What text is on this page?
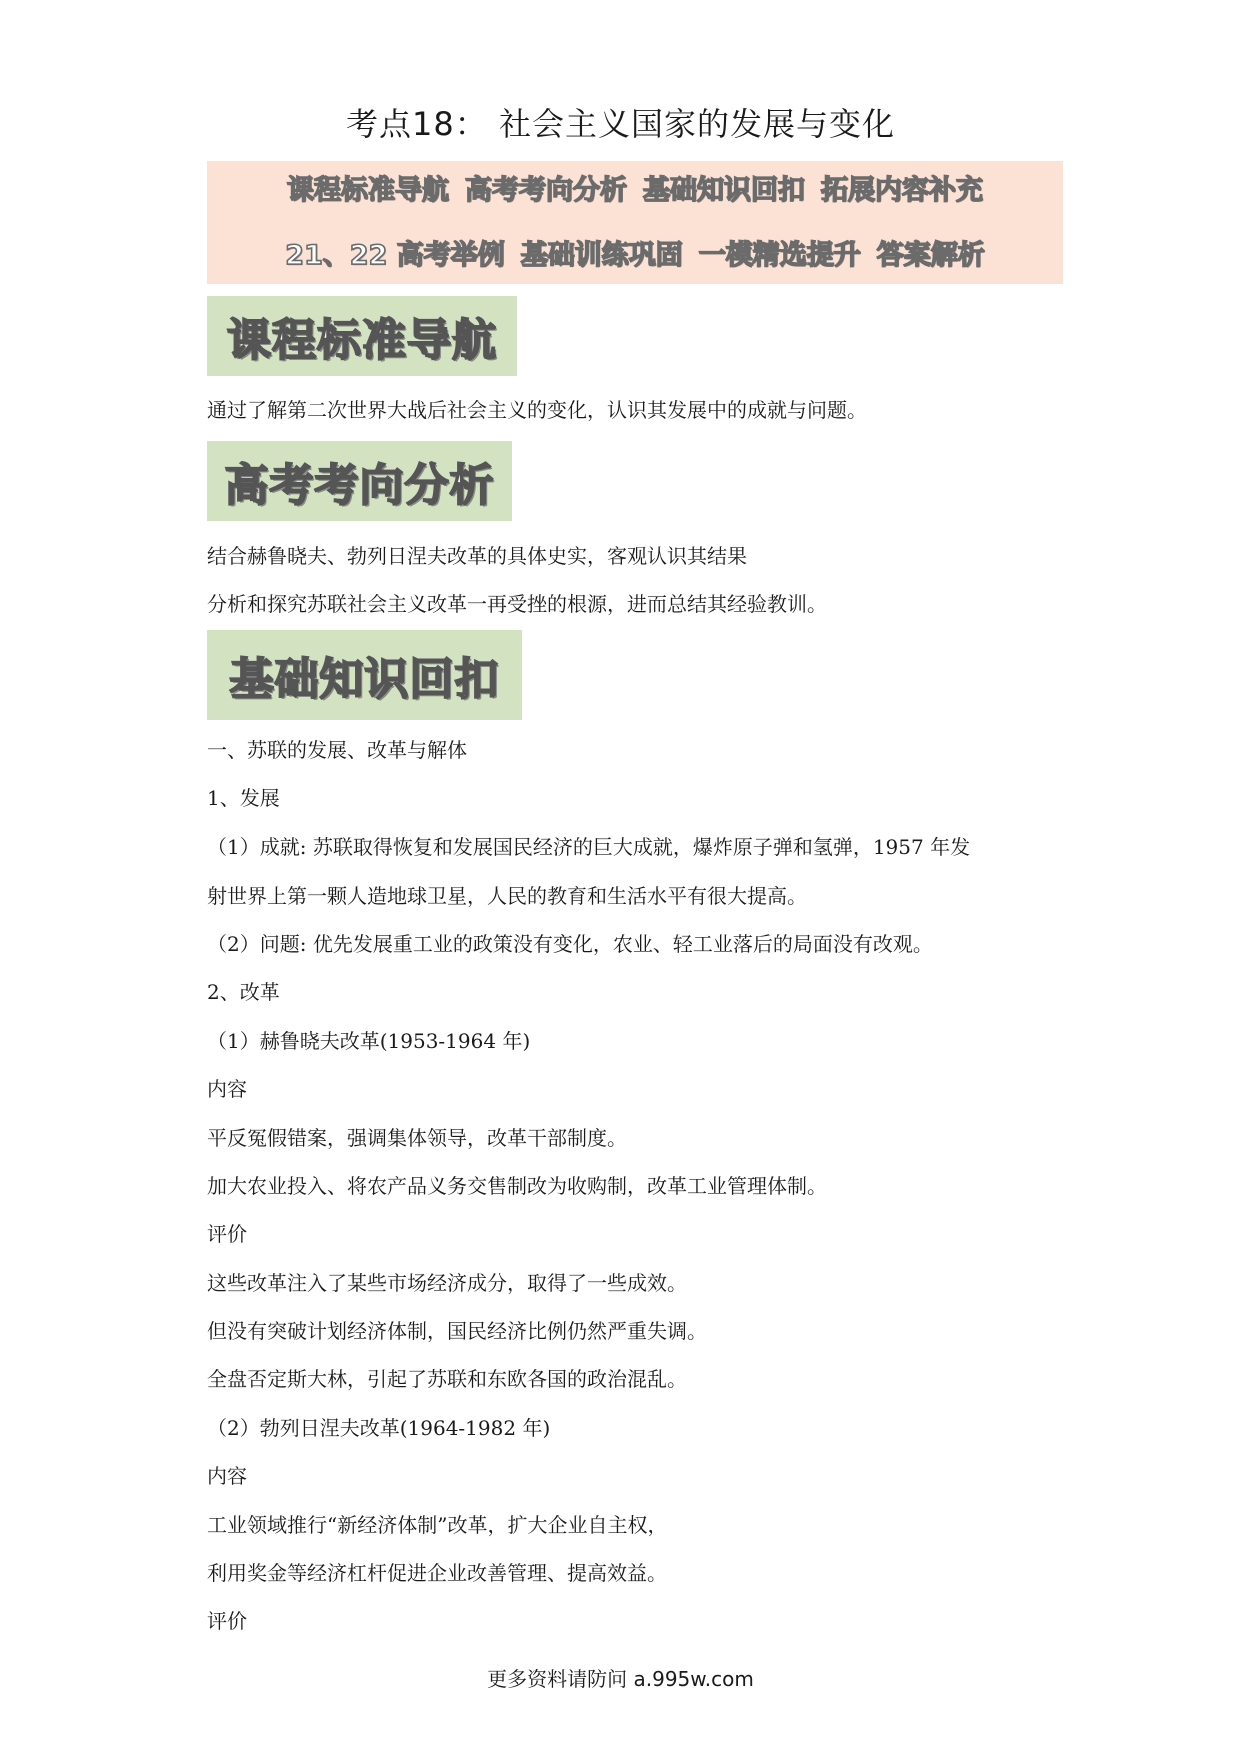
考点18： 社会主义国家的发展与变化
课程标准导航 高考考向分析 基础知识回扣 拓展内容补充
21、22 高考举例 基础训练巩固 一模精选提升 答案解析
课程标准导航
通过了解第二次世界大战后社会主义的变化，认识其发展中的成就与问题。
高考考向分析
结合赫鲁晓夫、勃列日涅夫改革的具体史实，客观认识其结果
分析和探究苏联社会主义改革一再受挫的根源，进而总结其经验教训。
基础知识回扣
一、苏联的发展、改革与解体
1、发展
（1）成就: 苏联取得恢复和发展国民经济的巨大成就，爆炸原子弹和氢弹，1957 年发
射世界上第一颗人造地球卫星，人民的教育和生活水平有很大提高。
（2）问题: 优先发展重工业的政策没有变化，农业、轻工业落后的局面没有改观。
2、改革
（1）赫鲁晓夫改革(1953-1964 年)
内容
平反冤假错案，强调集体领导，改革干部制度。
加大农业投入、将农产品义务交售制改为收购制，改革工业管理体制。
评价
这些改革注入了某些市场经济成分，取得了一些成效。
但没有突破计划经济体制，国民经济比例仍然严重失调。
全盘否定斯大林，引起了苏联和东欧各国的政治混乱。
（2）勃列日涅夫改革(1964-1982 年)
内容
工业领域推行“新经济体制”改革，扩大企业自主权，
利用奖金等经济杠杆促进企业改善管理、提高效益。
评价
更多资料请防问 a.995w.com
